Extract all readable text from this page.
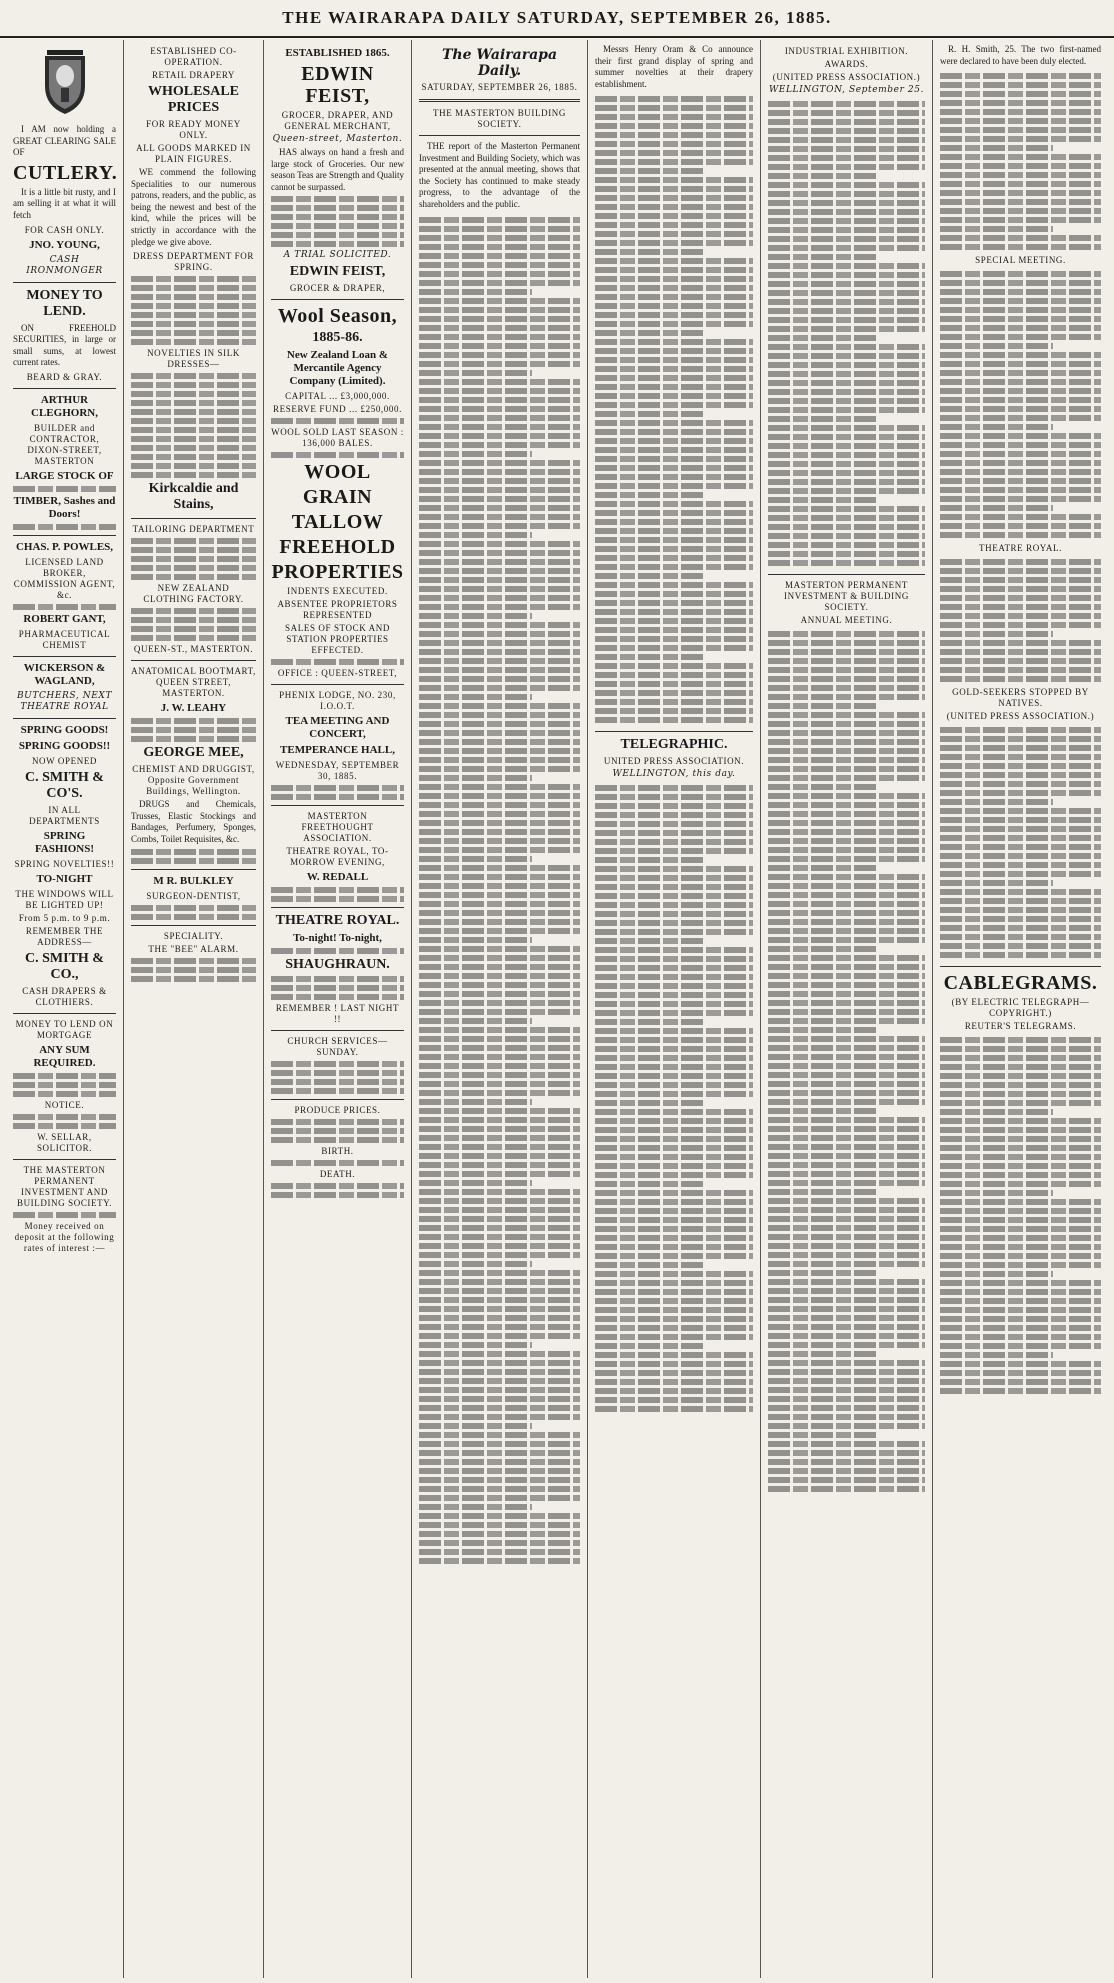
THE WAIRARAPA DAILY SATURDAY, SEPTEMBER 26, 1885.

I AM now holding a GREAT CLEARING SALE OF

CUTLERY.

It is a little bit rusty, and I am selling it at what it will fetch

FOR CASH ONLY.
JNO. YOUNG,
CASH IRONMONGER
MONEY TO LEND.

ON FREEHOLD SECURITIES, in large or small sums, at lowest current rates.

BEARD & GRAY.
ARTHUR CLEGHORN,
BUILDER and CONTRACTOR, DIXON-STREET, MASTERTON
LARGE STOCK OF
TIMBER, Sashes and Doors!
CHAS. P. POWLES,
LICENSED LAND BROKER, COMMISSION AGENT, &c.
ROBERT GANT,
PHARMACEUTICAL CHEMIST
WICKERSON & WAGLAND,
BUTCHERS, NEXT THEATRE ROYAL
SPRING GOODS!
SPRING GOODS!!
NOW OPENED
C. SMITH & CO'S.
IN ALL DEPARTMENTS
SPRING FASHIONS!
SPRING NOVELTIES!!
TO-NIGHT
THE WINDOWS WILL BE LIGHTED UP!
From 5 p.m. to 9 p.m.
REMEMBER THE ADDRESS—
C. SMITH & CO.,
CASH DRAPERS & CLOTHIERS.
MONEY TO LEND ON MORTGAGE
ANY SUM REQUIRED.
NOTICE.
W. SELLAR, SOLICITOR.
THE MASTERTON PERMANENT INVESTMENT AND BUILDING SOCIETY.
Money received on deposit at the following rates of interest :—
ESTABLISHED CO-OPERATION.
RETAIL DRAPERY
WHOLESALE PRICES
FOR READY MONEY ONLY.
ALL GOODS MARKED IN PLAIN FIGURES.

WE commend the following Specialities to our numerous patrons, readers, and the public, as being the newest and best of the kind, while the prices will be strictly in accordance with the pledge we give above.

DRESS DEPARTMENT FOR SPRING.
NOVELTIES IN SILK DRESSES—
Kirkcaldie and Stains,
TAILORING DEPARTMENT
NEW ZEALAND CLOTHING FACTORY.
QUEEN-ST., MASTERTON.
ANATOMICAL BOOTMART, QUEEN STREET, MASTERTON.
J. W. LEAHY
GEORGE MEE,
CHEMIST AND DRUGGIST, Opposite Government Buildings, Wellington.

DRUGS and Chemicals, Trusses, Elastic Stockings and Bandages, Perfumery, Sponges, Combs, Toilet Requisites, &c.

M R. BULKLEY
SURGEON-DENTIST,
SPECIALITY.
THE "BEE" ALARM.
ESTABLISHED 1865.
EDWIN FEIST,
GROCER, DRAPER, AND GENERAL MERCHANT,
Queen-street, Masterton.

HAS always on hand a fresh and large stock of Groceries. Our new season Teas are Strength and Quality cannot be surpassed.

A TRIAL SOLICITED.
EDWIN FEIST,
GROCER & DRAPER,
Wool Season,
1885-86.
New Zealand Loan & Mercantile Agency Company (Limited).
CAPITAL ... £3,000,000.
RESERVE FUND ... £250,000.
WOOL SOLD LAST SEASON : 136,000 BALES.
WOOL
GRAIN
TALLOW
FREEHOLD
PROPERTIES
INDENTS EXECUTED.
ABSENTEE PROPRIETORS REPRESENTED
SALES OF STOCK AND STATION PROPERTIES EFFECTED.
OFFICE : QUEEN-STREET,
PHENIX LODGE, NO. 230, I.O.O.T.
TEA MEETING AND CONCERT,
TEMPERANCE HALL,
WEDNESDAY, SEPTEMBER 30, 1885.
MASTERTON FREETHOUGHT ASSOCIATION.
THEATRE ROYAL, TO-MORROW EVENING,
W. REDALL
THEATRE ROYAL.
To-night! To-night,
SHAUGHRAUN.
REMEMBER ! LAST NIGHT !!
CHURCH SERVICES—SUNDAY.
PRODUCE PRICES.
BIRTH.
DEATH.
The Wairarapa Daily.
SATURDAY, SEPTEMBER 26, 1885.
THE MASTERTON BUILDING SOCIETY.

THE report of the Masterton Permanent Investment and Building Society, which was presented at the annual meeting, shows that the Society has continued to make steady progress, to the advantage of the shareholders and the public.

Messrs Henry Oram & Co announce their first grand display of spring and summer novelties at their drapery establishment.

TELEGRAPHIC.
UNITED PRESS ASSOCIATION.
WELLINGTON, this day.
INDUSTRIAL EXHIBITION.
AWARDS.
(UNITED PRESS ASSOCIATION.)
WELLINGTON, September 25.
MASTERTON PERMANENT INVESTMENT & BUILDING SOCIETY.
ANNUAL MEETING.

R. H. Smith, 25. The two first-named were declared to have been duly elected.

SPECIAL MEETING.
THEATRE ROYAL.
GOLD-SEEKERS STOPPED BY NATIVES.
(UNITED PRESS ASSOCIATION.)
CABLEGRAMS.
(BY ELECTRIC TELEGRAPH—COPYRIGHT.)
REUTER'S TELEGRAMS.
